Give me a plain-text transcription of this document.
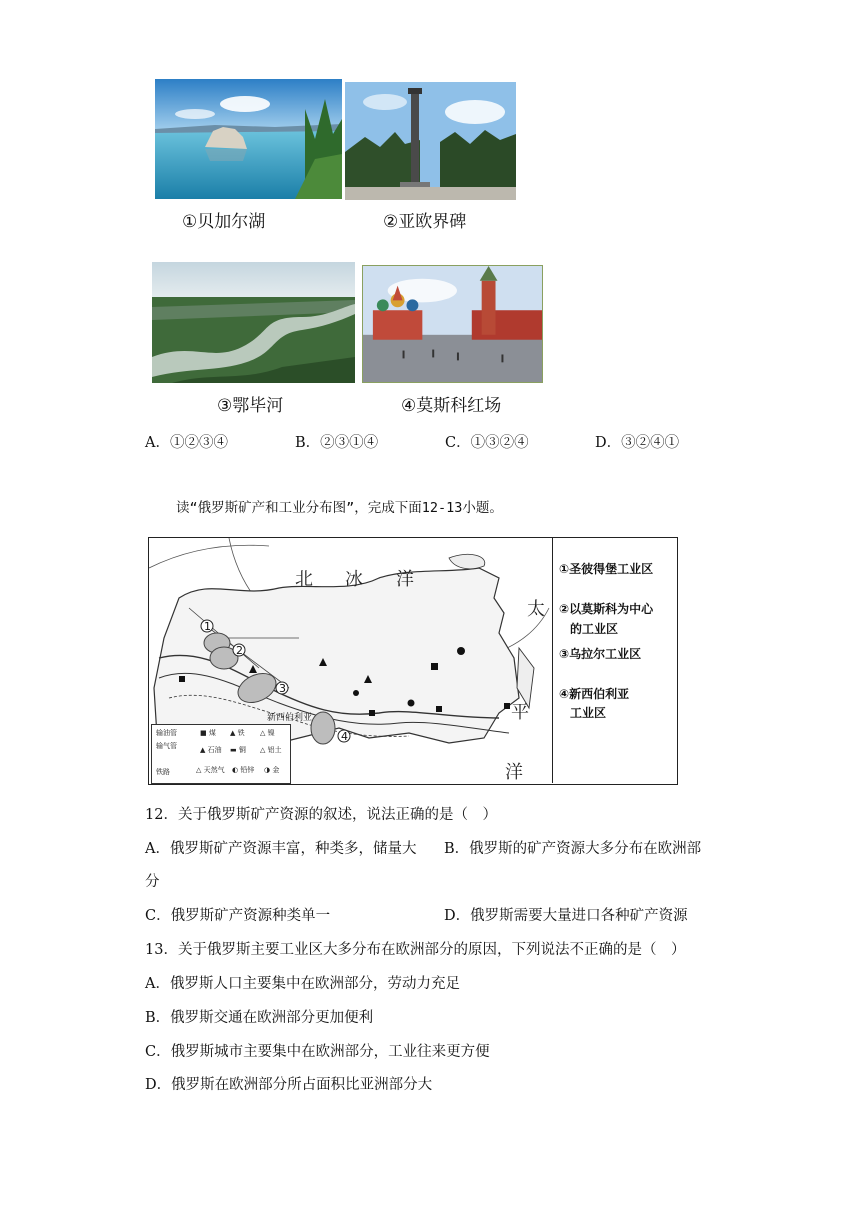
①贝加尔湖	②亚欧界碑
③鄂毕河	④莫斯科红场
A．①②③④	B．②③①④	C．①③②④	D．③②④①
读“俄罗斯矿产和工业分布图”，完成下面12-13小题。
1
2
3
4
北 冰 洋
太
平
洋
新西伯利亚
输油管
输气管
铁路
■ 煤 ▲ 铁 △ 镍
▲ 石油 ▬ 铜 △ 铝土
△ 天然气 ◐ 铅锌 ◑ 金
①圣彼得堡工业区
②以莫斯科为中心
的工业区
③乌拉尔工业区
④新西伯利亚
工业区
12．关于俄罗斯矿产资源的叙述，说法正确的是（　）
A．俄罗斯矿产资源丰富，种类多，储量大 B．俄罗斯的矿产资源大多分布在欧洲部
分
C．俄罗斯矿产资源种类单一	D．俄罗斯需要大量进口各种矿产资源
13．关于俄罗斯主要工业区大多分布在欧洲部分的原因，下列说法不正确的是（　）
A．俄罗斯人口主要集中在欧洲部分，劳动力充足
B．俄罗斯交通在欧洲部分更加便利
C．俄罗斯城市主要集中在欧洲部分，工业往来更方便
D．俄罗斯在欧洲部分所占面积比亚洲部分大
